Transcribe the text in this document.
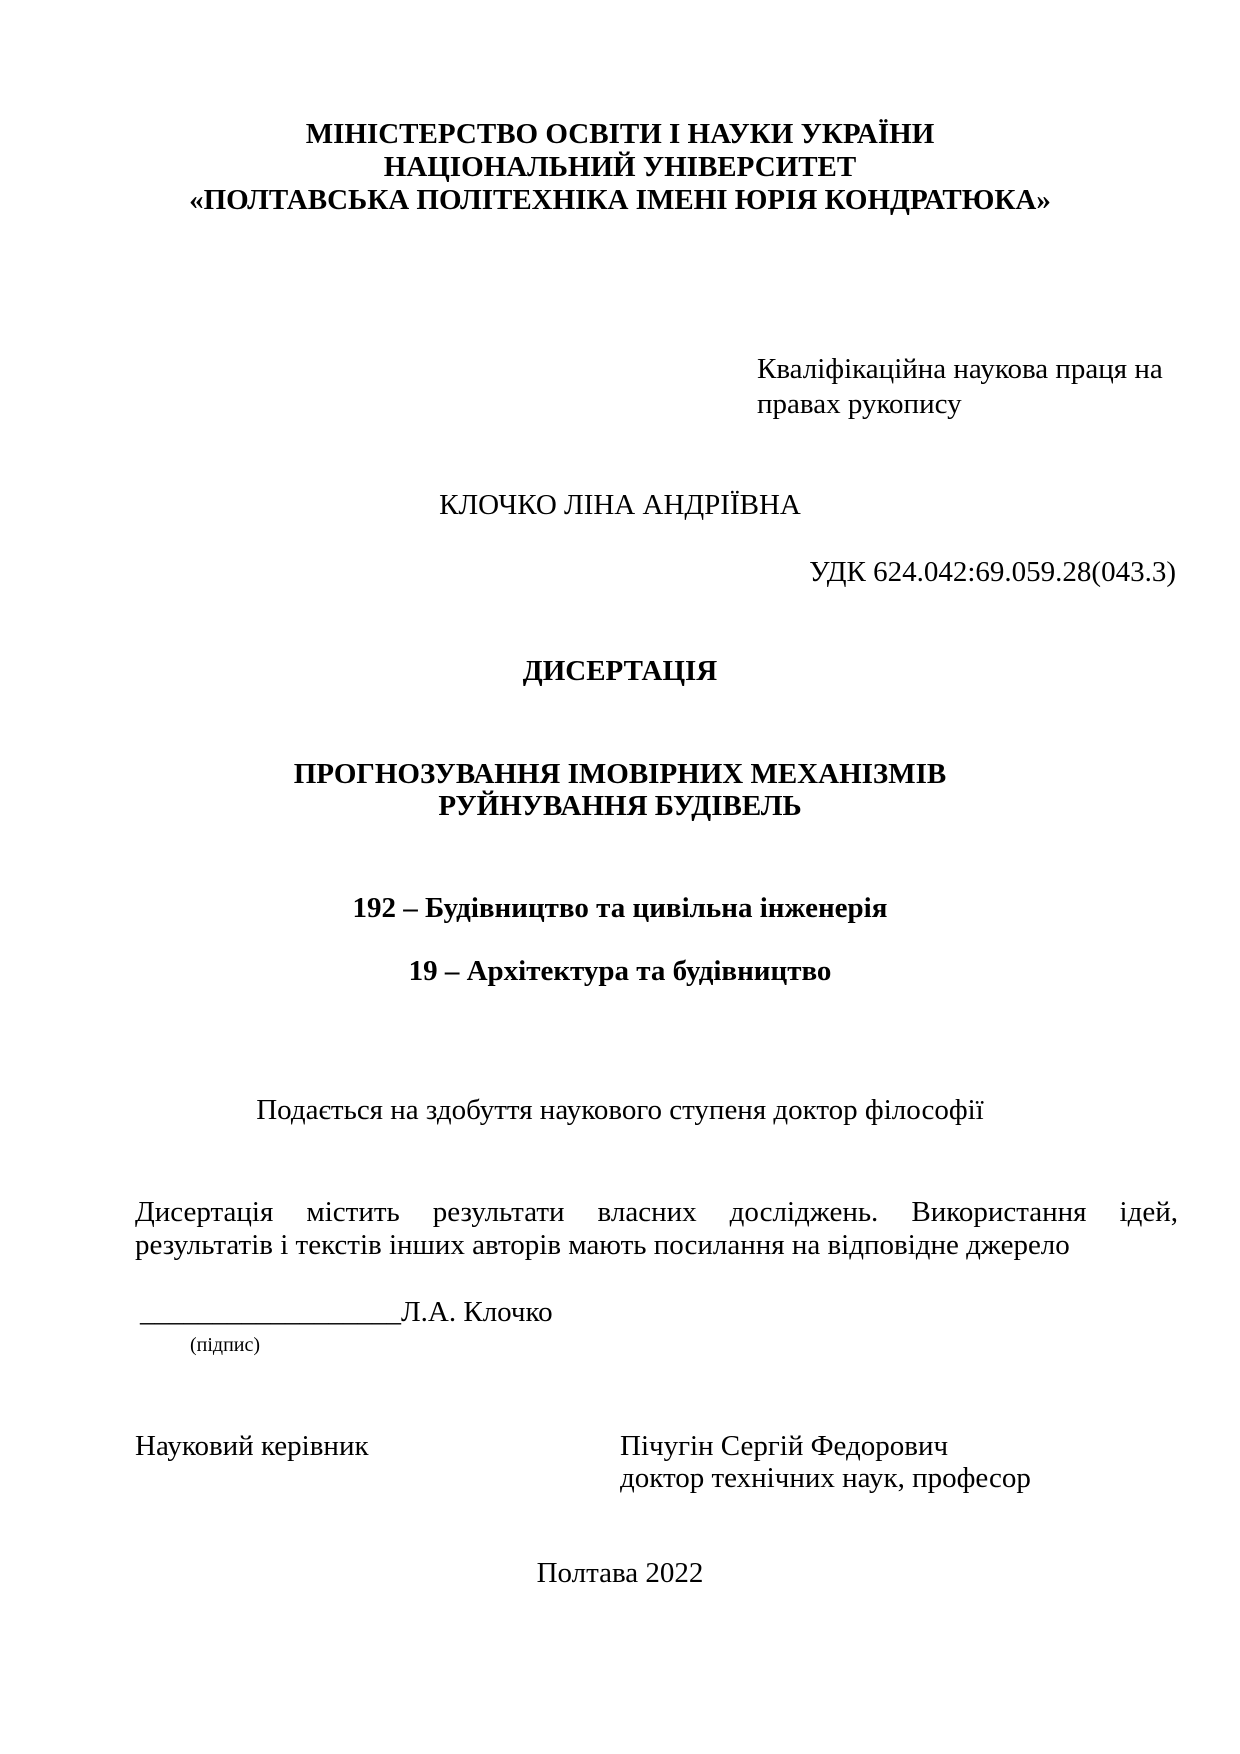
МІНІСТЕРСТВО ОСВІТИ І НАУКИ УКРАЇНИ
НАЦІОНАЛЬНИЙ УНІВЕРСИТЕТ
«ПОЛТАВСЬКА ПОЛІТЕХНІКА ІМЕНІ ЮРІЯ КОНДРАТЮКА»
Кваліфікаційна наукова праця на
правах рукопису
КЛОЧКО ЛІНА АНДРІЇВНА
УДК 624.042:69.059.28(043.3)
ДИСЕРТАЦІЯ
ПРОГНОЗУВАННЯ ІМОВІРНИХ МЕХАНІЗМІВ
РУЙНУВАННЯ БУДІВЕЛЬ
192 – Будівництво та цивільна інженерія
19 – Архітектура та будівництво
Подається на здобуття наукового ступеня доктор філософії
Дисертація містить результати власних досліджень. Використання ідей,
результатів і текстів інших авторів мають посилання на відповідне джерело
__________________Л.А. Клочко
(підпис)
Науковий керівник	Пічугін Сергій Федорович
доктор технічних наук, професор
Полтава 2022
